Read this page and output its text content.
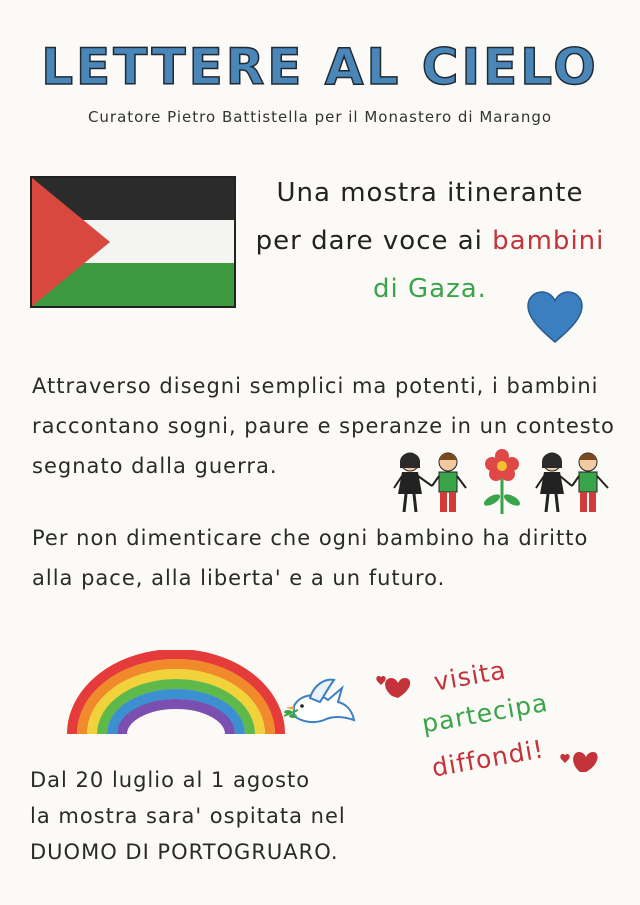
LETTERE AL CIELO
Curatore Pietro Battistella per il Monastero di Marango
Una mostra itinerante
per dare voce ai bambini
di Gaza.
Attraverso disegni semplici ma potenti, i bambini
raccontano sogni, paure e speranze in un contesto
segnato dalla guerra.
Per non dimenticare che ogni bambino ha diritto
alla pace, alla liberta' e a un futuro.
visita
partecipa
diffondi!
Dal 20 luglio al 1 agosto
la mostra sara' ospitata nel
DUOMO DI PORTOGRUARO.
